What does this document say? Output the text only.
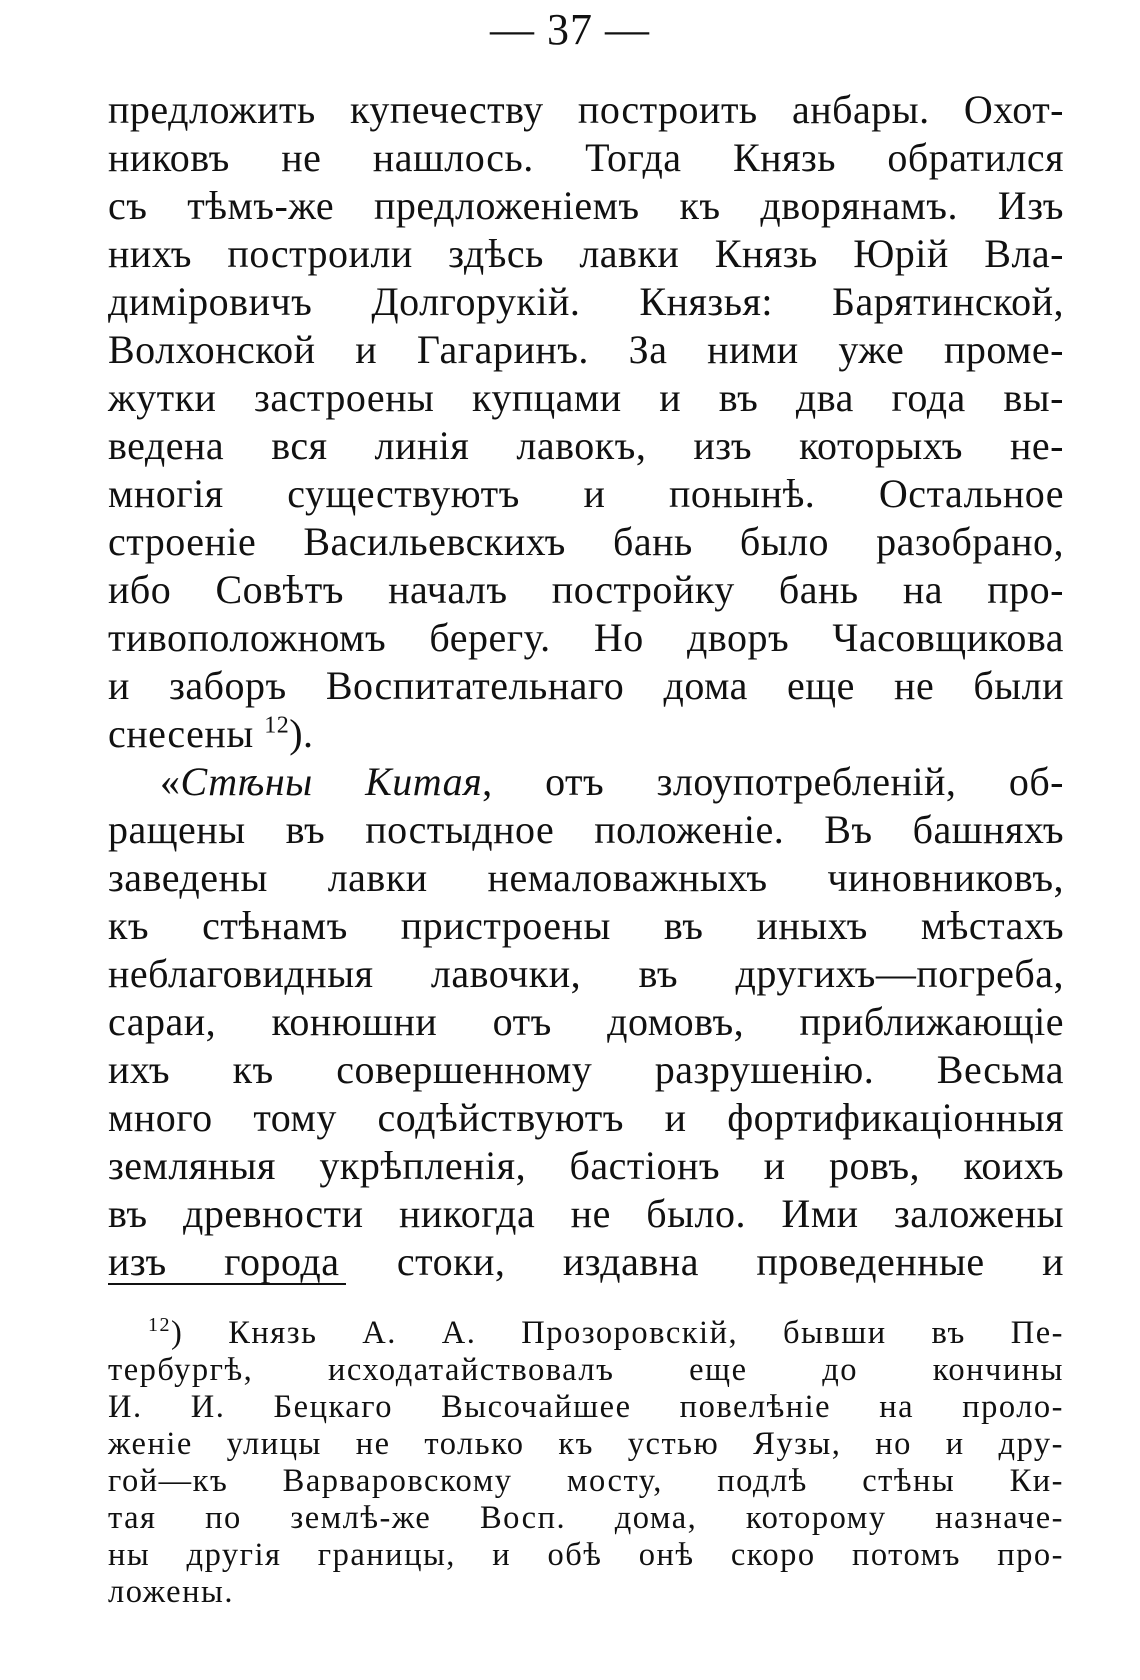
— 37 —
предложить купечеству построить анбары. Охот-
никовъ не нашлось. Тогда Князь обратился
съ тѣмъ-же предложеніемъ къ дворянамъ. Изъ
нихъ построили здѣсь лавки Князь Юрій Вла-
диміровичъ Долгорукій. Князья: Барятинской,
Волхонской и Гагаринъ. За ними уже проме-
жутки застроены купцами и въ два года вы-
ведена вся линія лавокъ, изъ которыхъ не-
многія существуютъ и понынѣ. Остальное
строеніе Васильевскихъ бань было разобрано,
ибо Совѣтъ началъ постройку бань на про-
тивоположномъ берегу. Но дворъ Часовщикова
и заборъ Воспитательнаго дома еще не были
снесены $^{12}$).
«Стѣны Китая, отъ злоупотребленій, об-
ращены въ постыдное положеніе. Въ башняхъ
заведены лавки немаловажныхъ чиновниковъ,
къ стѣнамъ пристроены въ иныхъ мѣстахъ
неблаговидныя лавочки, въ другихъ—погреба,
сараи, конюшни отъ домовъ, приближающіе
ихъ къ совершенному разрушенію. Весьма
много тому содѣйствуютъ и фортификаціонныя
земляныя укрѣпленія, бастіонъ и ровъ, коихъ
въ древности никогда не было. Ими заложены
изъ города стоки, издавна проведенные и
$^{12}$) Князь А. А. Прозоровскій, бывши въ Пе-
тербургѣ, исходатайствовалъ еще до кончины
И. И. Бецкаго Высочайшее повелѣніе на проло-
женіе улицы не только къ устью Яузы, но и дру-
гой—къ Варваровскому мосту, подлѣ стѣны Ки-
тая по землѣ-же Восп. дома, которому назначе-
ны другія границы, и обѣ онѣ скоро потомъ про-
ложены.
